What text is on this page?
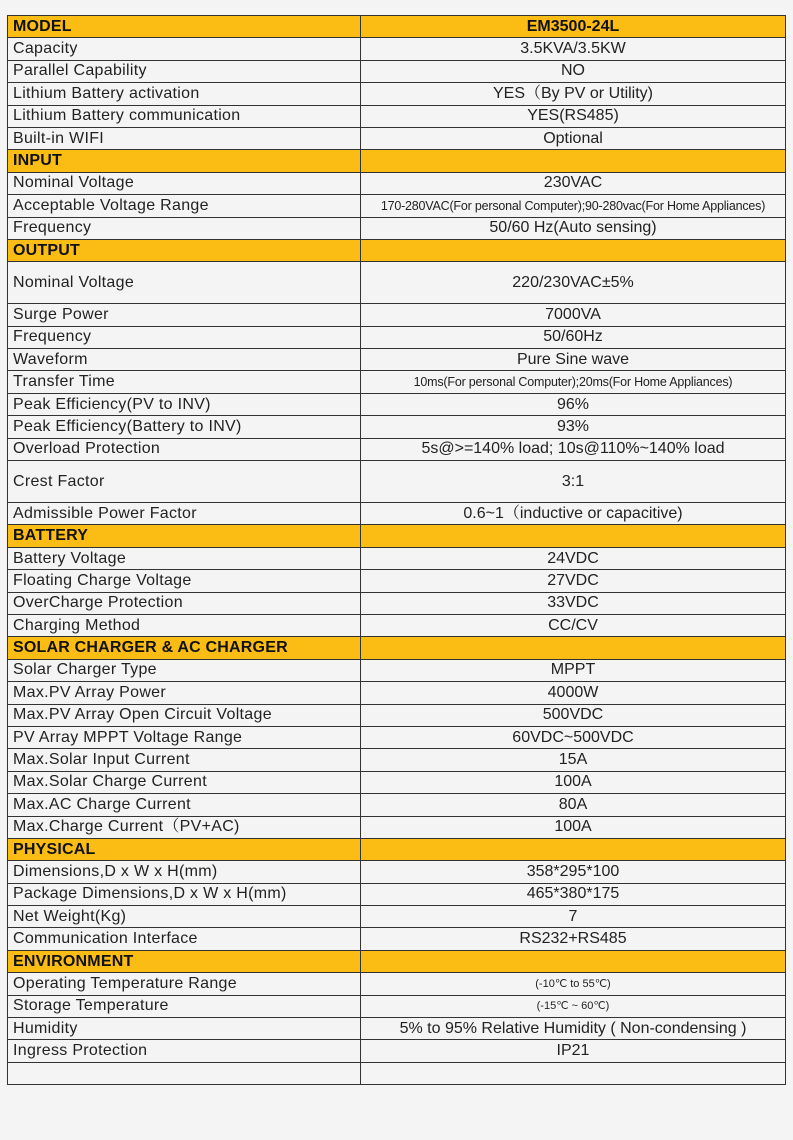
MODEL	EM3500-24L
Capacity	3.5KVA/3.5KW
Parallel Capability	NO
Lithium Battery activation	YES（By PV or Utility)
Lithium Battery communication	YES(RS485)
Built-in WIFI	Optional
INPUT	
Nominal Voltage	230VAC
Acceptable Voltage Range	170-280VAC(For personal Computer);90-280vac(For Home Appliances)
Frequency	50/60 Hz(Auto sensing)
OUTPUT	
Nominal Voltage	220/230VAC±5%
Surge Power	7000VA
Frequency	50/60Hz
Waveform	Pure Sine wave
Transfer Time	10ms(For personal Computer);20ms(For Home Appliances)
Peak Efficiency(PV to INV)	96%
Peak Efficiency(Battery to INV)	93%
Overload Protection	5s@>=140% load; 10s@110%~140% load
Crest Factor	3:1
Admissible Power Factor	0.6~1（inductive or capacitive)
BATTERY	
Battery Voltage	24VDC
Floating Charge Voltage	27VDC
OverCharge Protection	33VDC
Charging Method	CC/CV
SOLAR CHARGER & AC CHARGER	
Solar Charger Type	MPPT
Max.PV Array Power	4000W
Max.PV Array Open Circuit Voltage	500VDC
PV Array MPPT Voltage Range	60VDC~500VDC
Max.Solar Input Current	15A
Max.Solar Charge Current	100A
Max.AC Charge Current	80A
Max.Charge Current（PV+AC)	100A
PHYSICAL	
Dimensions,D x W x H(mm)	358*295*100
Package Dimensions,D x W x H(mm)	465*380*175
Net Weight(Kg)	7
Communication Interface	RS232+RS485
ENVIRONMENT	
Operating Temperature Range	(-10℃ to 55℃)
Storage Temperature	(-15℃ ~ 60℃)
Humidity	5% to 95% Relative Humidity ( Non-condensing )
Ingress Protection	IP21
